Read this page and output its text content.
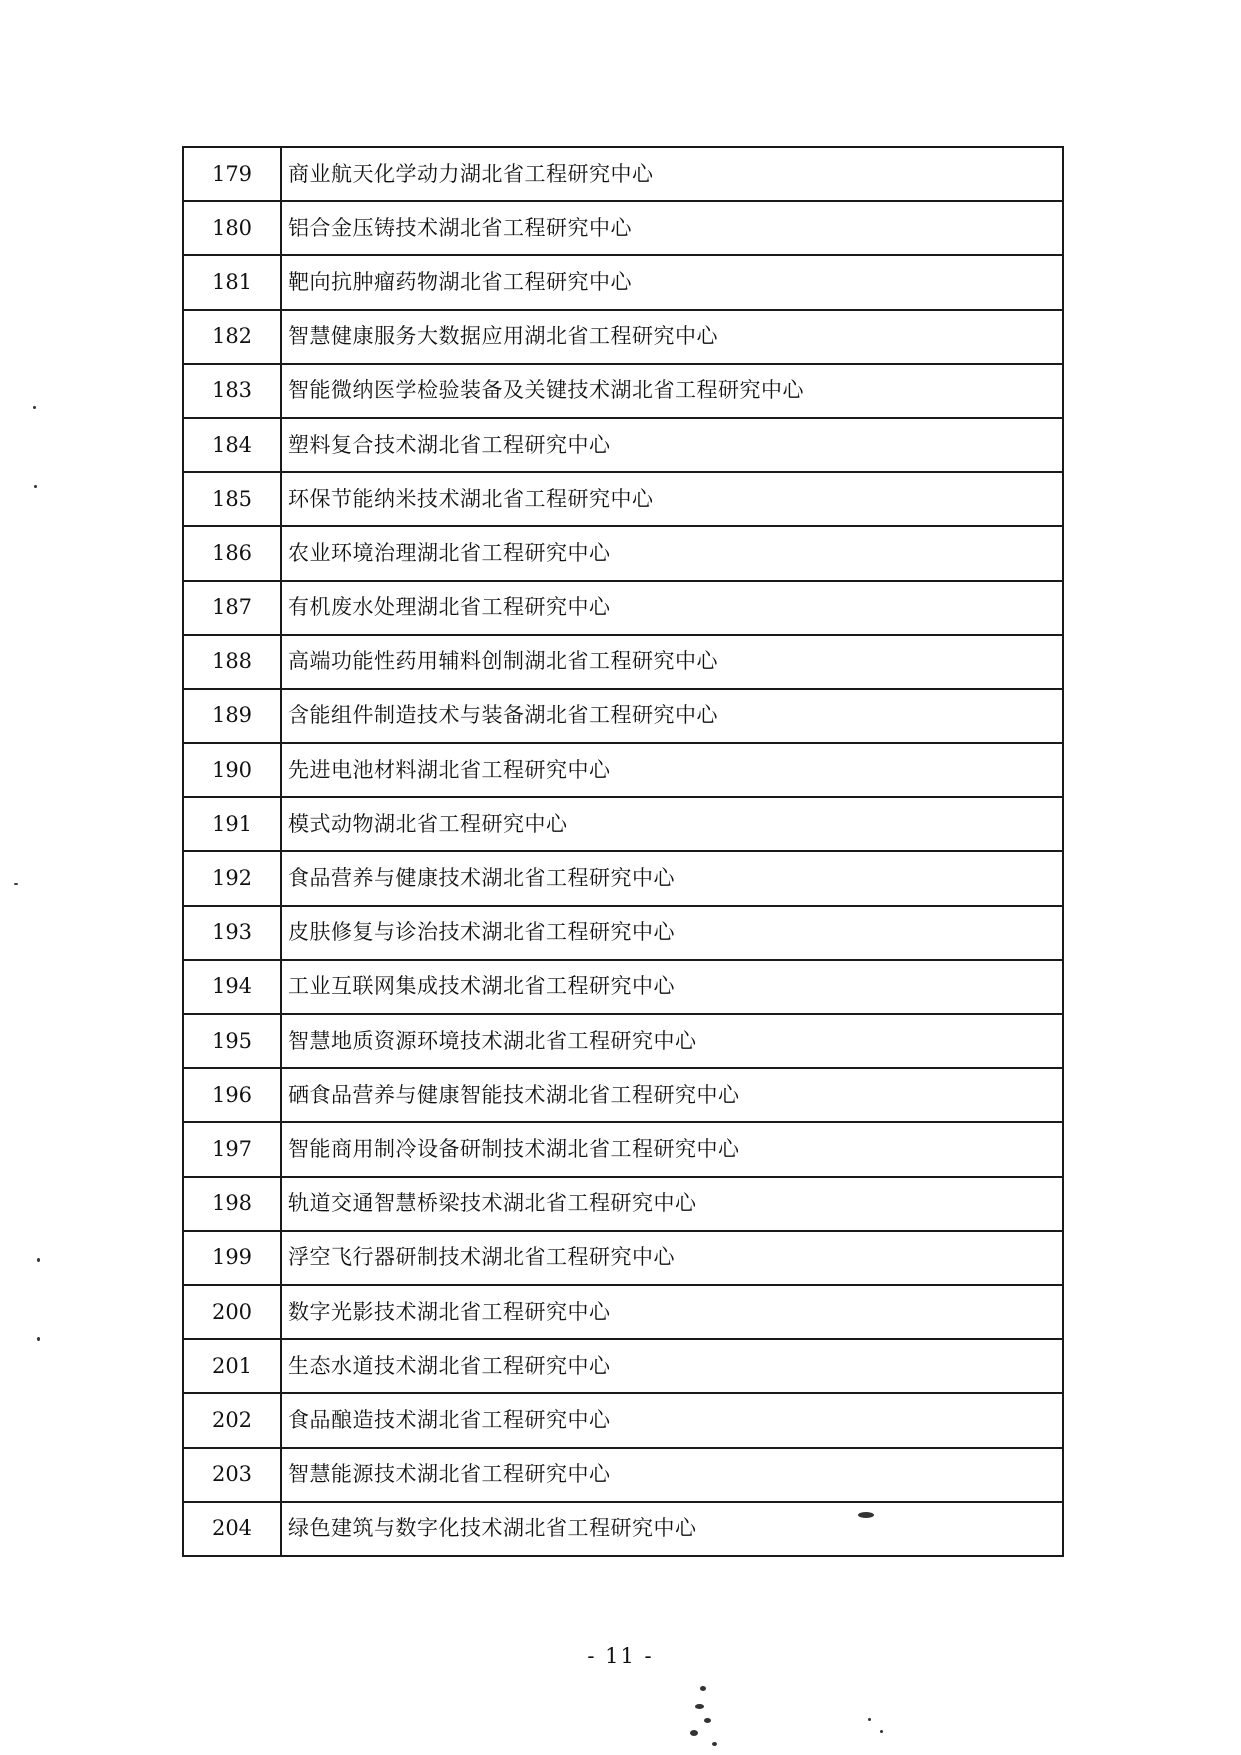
179	商业航天化学动力湖北省工程研究中心
180	铝合金压铸技术湖北省工程研究中心
181	靶向抗肿瘤药物湖北省工程研究中心
182	智慧健康服务大数据应用湖北省工程研究中心
183	智能微纳医学检验装备及关键技术湖北省工程研究中心
184	塑料复合技术湖北省工程研究中心
185	环保节能纳米技术湖北省工程研究中心
186	农业环境治理湖北省工程研究中心
187	有机废水处理湖北省工程研究中心
188	高端功能性药用辅料创制湖北省工程研究中心
189	含能组件制造技术与装备湖北省工程研究中心
190	先进电池材料湖北省工程研究中心
191	模式动物湖北省工程研究中心
192	食品营养与健康技术湖北省工程研究中心
193	皮肤修复与诊治技术湖北省工程研究中心
194	工业互联网集成技术湖北省工程研究中心
195	智慧地质资源环境技术湖北省工程研究中心
196	硒食品营养与健康智能技术湖北省工程研究中心
197	智能商用制冷设备研制技术湖北省工程研究中心
198	轨道交通智慧桥梁技术湖北省工程研究中心
199	浮空飞行器研制技术湖北省工程研究中心
200	数字光影技术湖北省工程研究中心
201	生态水道技术湖北省工程研究中心
202	食品酿造技术湖北省工程研究中心
203	智慧能源技术湖北省工程研究中心
204	绿色建筑与数字化技术湖北省工程研究中心
- 11 -
